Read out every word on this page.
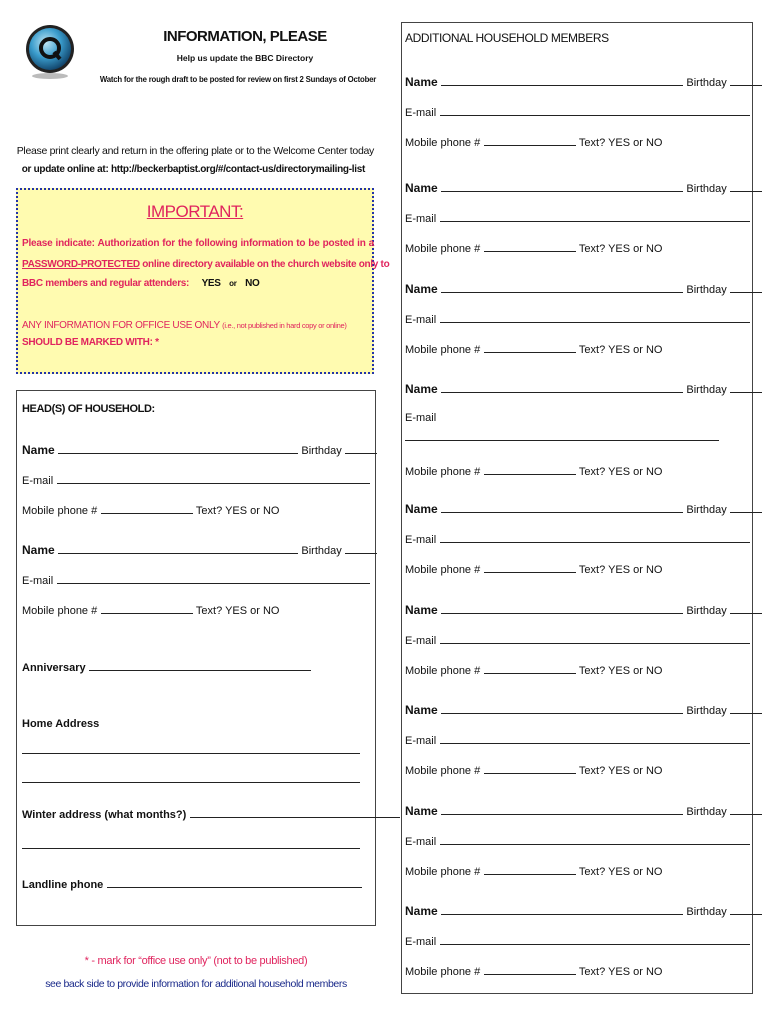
INFORMATION, PLEASE
Help us update the BBC Directory
Watch for the rough draft to be posted for review on first 2 Sundays of October
Please print clearly and return in the offering plate or to the Welcome Center today
or update online at: http://beckerbaptist.org/#/contact-us/directorymailing-list
IMPORTANT:
Please indicate: Authorization for the following information to be posted in a
PASSWORD-PROTECTED online directory available on the church website only to
BBC members and regular attenders: YES or NO
ANY INFORMATION FOR OFFICE USE ONLY (i.e., not published in hard copy or online)
SHOULD BE MARKED WITH: *
HEAD(S) OF HOUSEHOLD:
Name	Birthday
E-mail
Mobile phone #	Text? YES or NO
Name	Birthday
E-mail
Mobile phone #	Text? YES or NO
Anniversary
Home Address
Winter address (what months?)
Landline phone
* - mark for “office use only” (not to be published)
see back side to provide information for additional household members
ADDITIONAL HOUSEHOLD MEMBERS
Name	Birthday
E-mail
Mobile phone #	Text? YES or NO
Name	Birthday
E-mail
Mobile phone #	Text? YES or NO
Name	Birthday
E-mail
Mobile phone #	Text? YES or NO
Name	Birthday
E-mail
Mobile phone #	Text? YES or NO
Name	Birthday
E-mail
Mobile phone #	Text? YES or NO
Name	Birthday
E-mail
Mobile phone #	Text? YES or NO
Name	Birthday
E-mail
Mobile phone #	Text? YES or NO
Name	Birthday
E-mail
Mobile phone #	Text? YES or NO
Name	Birthday
E-mail
Mobile phone #	Text? YES or NO
